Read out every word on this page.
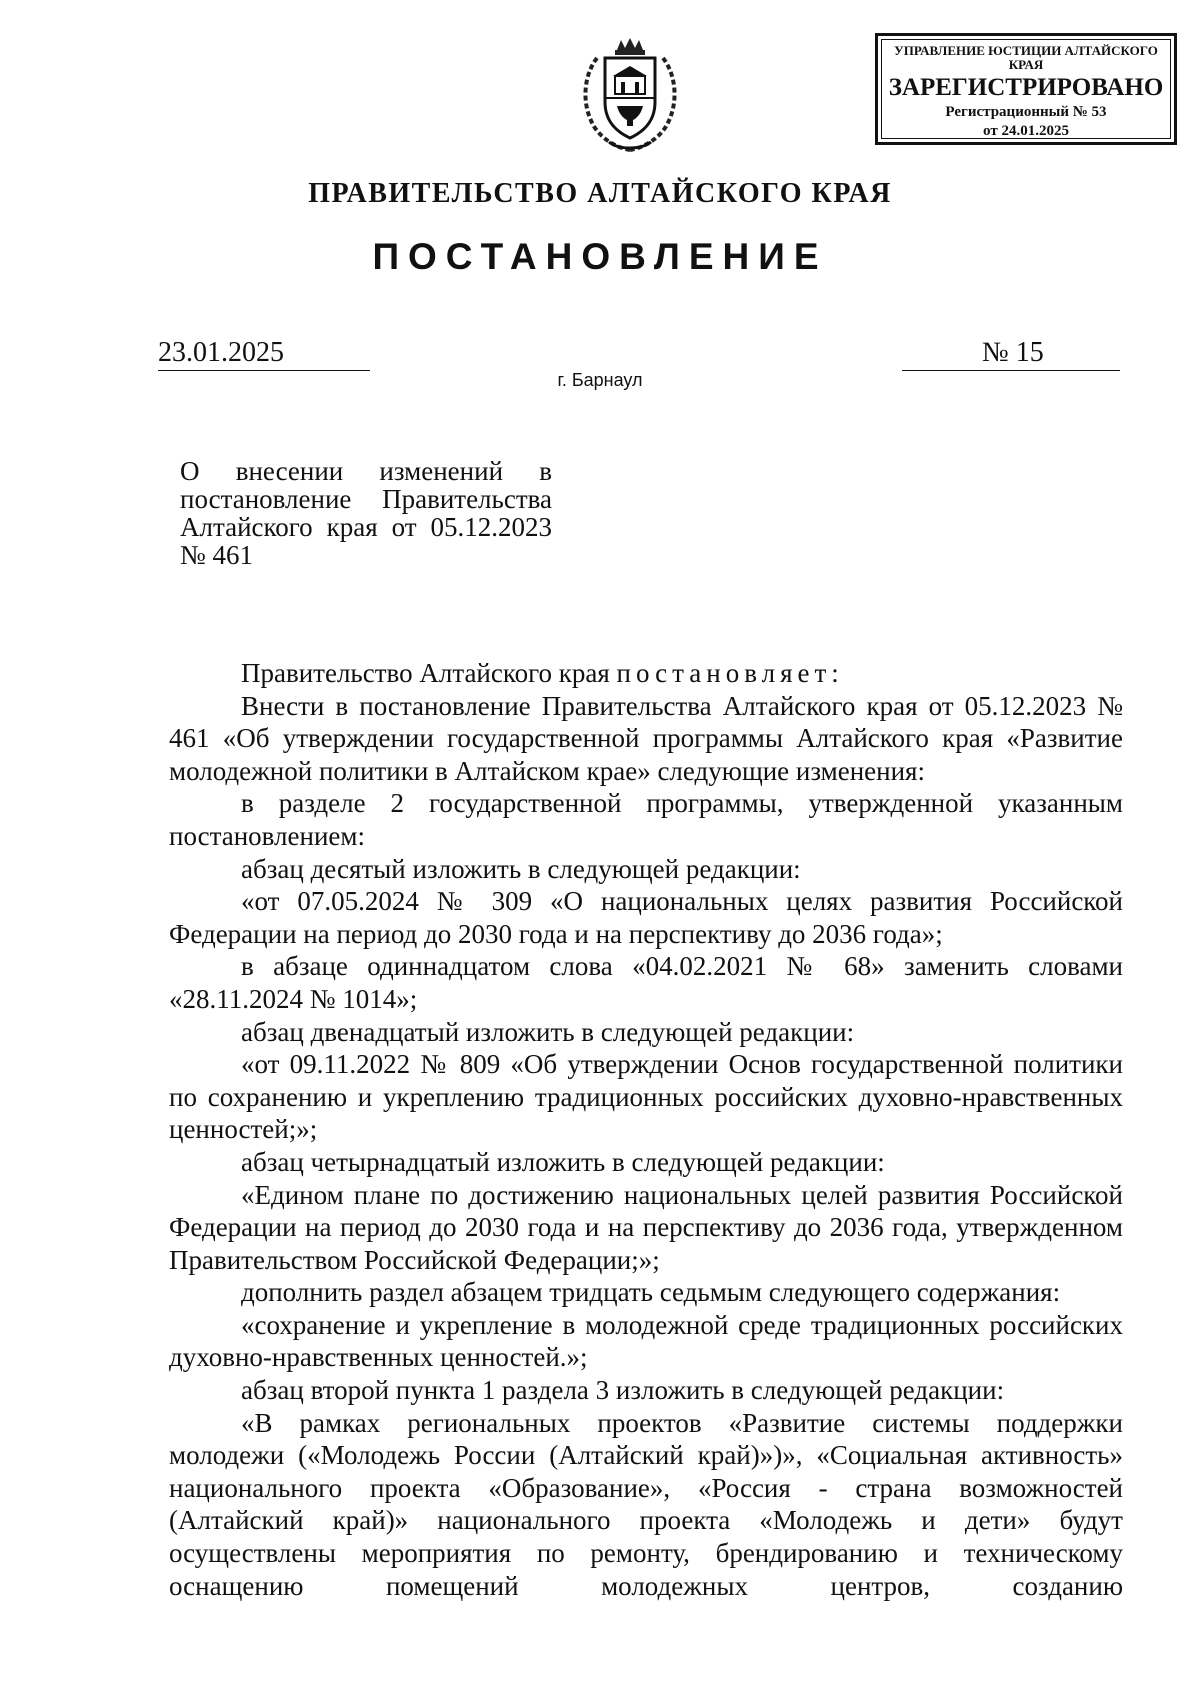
УПРАВЛЕНИЕ ЮСТИЦИИ АЛТАЙСКОГО КРАЯ
ЗАРЕГИСТРИРОВАНО
Регистрационный № 53
от 24.01.2025
ПРАВИТЕЛЬСТВО АЛТАЙСКОГО КРАЯ
ПОСТАНОВЛЕНИЕ
23.01.2025	№ 15
г. Барнаул
О внесении изменений в постановление Правительства Алтайского края от 05.12.2023 № 461

Правительство Алтайского края постановляет:

Внести в постановление Правительства Алтайского края от 05.12.2023 № 461 «Об утверждении государственной программы Алтайского края «Развитие молодежной политики в Алтайском крае» следующие изменения:

в разделе 2 государственной программы, утвержденной указанным постановлением:

абзац десятый изложить в следующей редакции:

«от 07.05.2024 № 309 «О национальных целях развития Российской Федерации на период до 2030 года и на перспективу до 2036 года»;

в абзаце одиннадцатом слова «04.02.2021 № 68» заменить словами «28.11.2024 № 1014»;

абзац двенадцатый изложить в следующей редакции:

«от 09.11.2022 № 809 «Об утверждении Основ государственной политики по сохранению и укреплению традиционных российских духовно-нравственных ценностей;»;

абзац четырнадцатый изложить в следующей редакции:

«Едином плане по достижению национальных целей развития Российской Федерации на период до 2030 года и на перспективу до 2036 года, утвержденном Правительством Российской Федерации;»;

дополнить раздел абзацем тридцать седьмым следующего содержания:

«сохранение и укрепление в молодежной среде традиционных российских духовно-нравственных ценностей.»;

абзац второй пункта 1 раздела 3 изложить в следующей редакции:

«В рамках региональных проектов «Развитие системы поддержки молодежи («Молодежь России (Алтайский край)»)», «Социальная активность» национального проекта «Образование», «Россия - страна возможностей (Алтайский край)» национального проекта «Молодежь и дети» будут осуществлены мероприятия по ремонту, брендированию и техническому оснащению помещений молодежных центров, созданию
